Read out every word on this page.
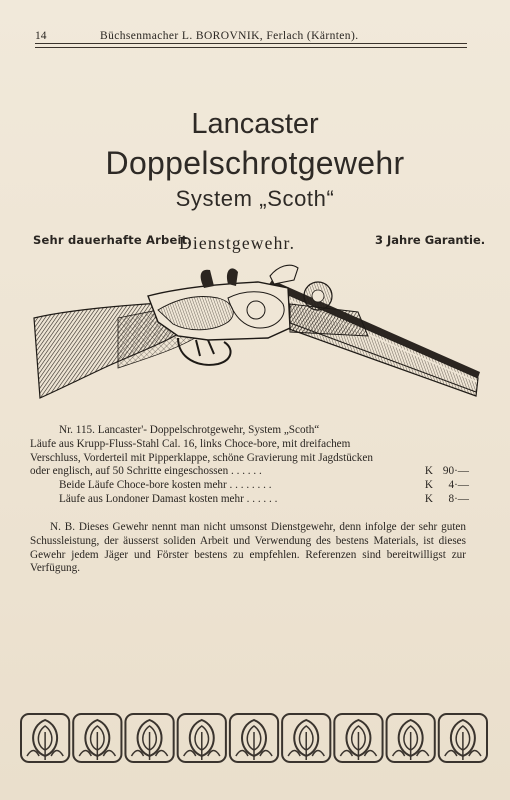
14	Büchsenmacher L. BOROVNIK, Ferlach (Kärnten).
Lancaster
Doppelschrotgewehr
System „Scoth“
Sehr dauerhafte Arbeit.
Dienstgewehr.	3 Jahre Garantie.
Nr. 115. Lancaster'- Doppelschrotgewehr, System „Scoth“
Läufe aus Krupp-Fluss-Stahl Cal. 16, links Choce-bore, mit dreifachem
Verschluss, Vorderteil mit Pipperklappe, schöne Gravierung mit Jagdstücken
oder englisch, auf 50 Schritte eingeschossen . . . . . .	K 90·—
Beide Läufe Choce-bore kosten mehr . . . . . . . .	K	4·—
Läufe aus Londoner Damast kosten mehr . . . . . .	K	8·—
N. B. Dieses Gewehr nennt man nicht umsonst Dienstgewehr, denn infolge der sehr guten Schussleistung, der äusserst soliden Arbeit und Verwendung des bestens Materials, ist dieses Gewehr jedem Jäger und Förster bestens zu empfehlen. Referenzen sind bereitwilligst zur Verfügung.
